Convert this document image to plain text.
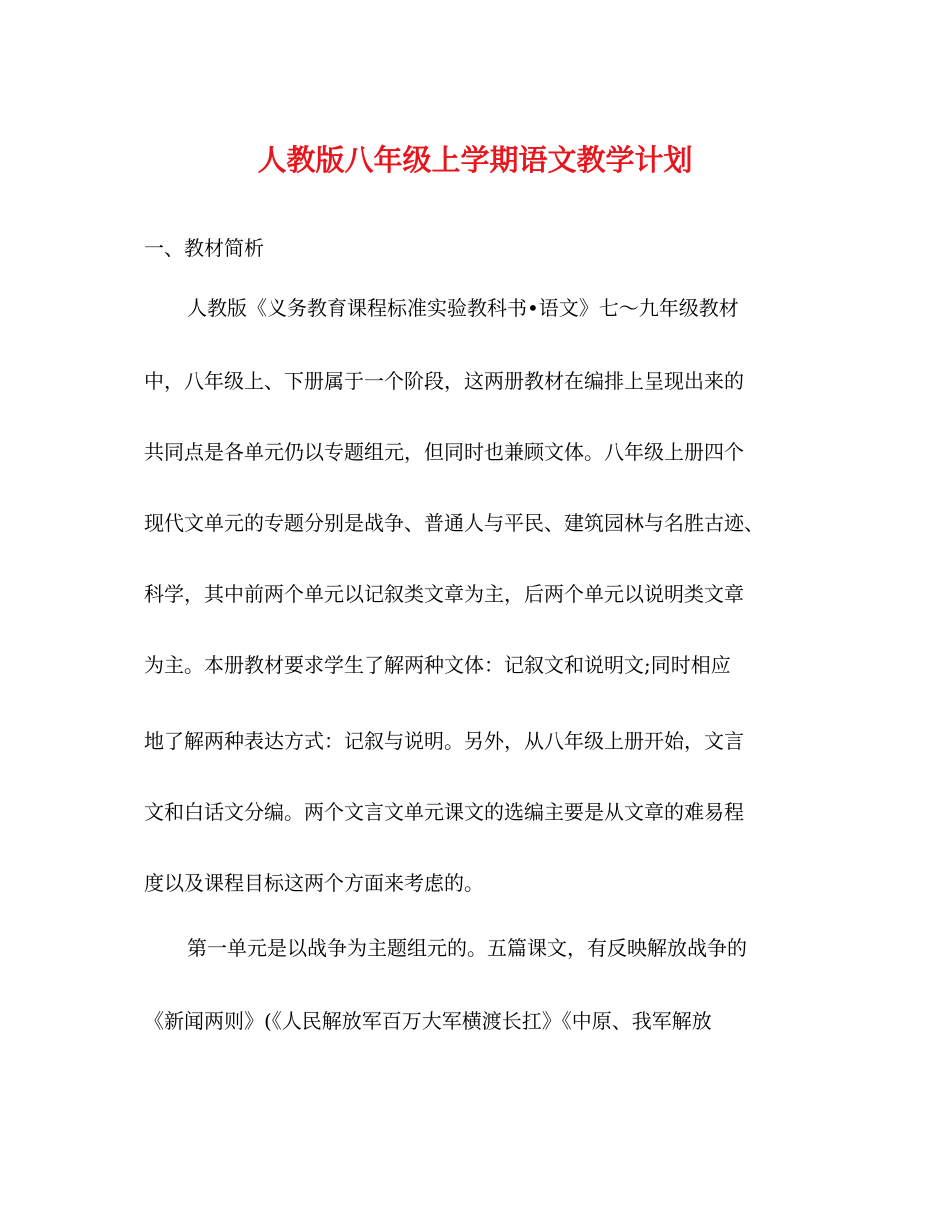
人教版八年级上学期语文教学计划
一、教材简析
人教版《义务教育课程标准实验教科书•语文》七～九年级教材
中，八年级上、下册属于一个阶段，这两册教材在编排上呈现出来的
共同点是各单元仍以专题组元，但同时也兼顾文体。八年级上册四个
现代文单元的专题分别是战争、普通人与平民、建筑园林与名胜古迹、
科学，其中前两个单元以记叙类文章为主，后两个单元以说明类文章
为主。本册教材要求学生了解两种文体：记叙文和说明文;同时相应
地了解两种表达方式：记叙与说明。另外，从八年级上册开始，文言
文和白话文分编。两个文言文单元课文的选编主要是从文章的难易程
度以及课程目标这两个方面来考虑的。
第一单元是以战争为主题组元的。五篇课文，有反映解放战争的
《新闻两则》(《人民解放军百万大军横渡长扛》《中原、我军解放
